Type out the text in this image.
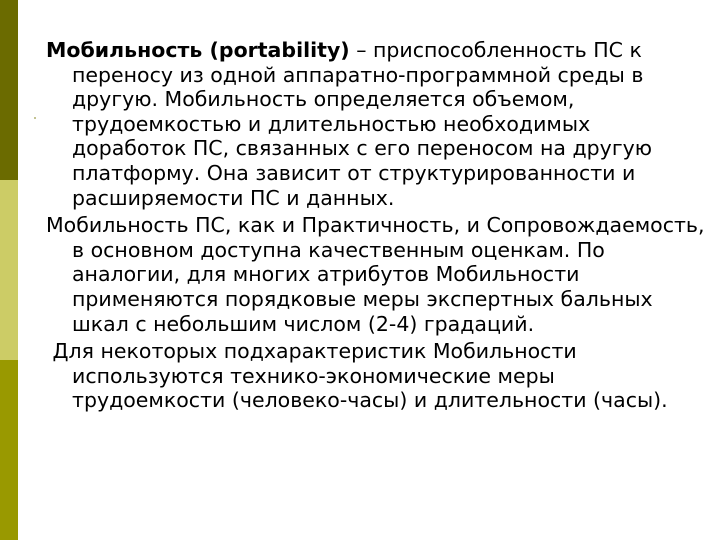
Мобильность (portability) – приспособленность ПС к переносу из одной аппаратно-программной среды в другую. Мобильность определяется объемом, трудоемкостью и длительностью необходимых доработок ПС, связанных с его переносом на другую платформу. Она зависит от структурированности и расширяемости ПС и данных.

Мобильность ПС, как и Практичность, и Сопровождаемость, в основном доступна качественным оценкам. По аналогии, для многих атрибутов Мобильности применяются порядковые меры экспертных бальных шкал с небольшим числом (2-4) градаций.

Для некоторых подхарактеристик Мобильности используются технико-экономические меры трудоемкости (человеко-часы) и длительности (часы).
